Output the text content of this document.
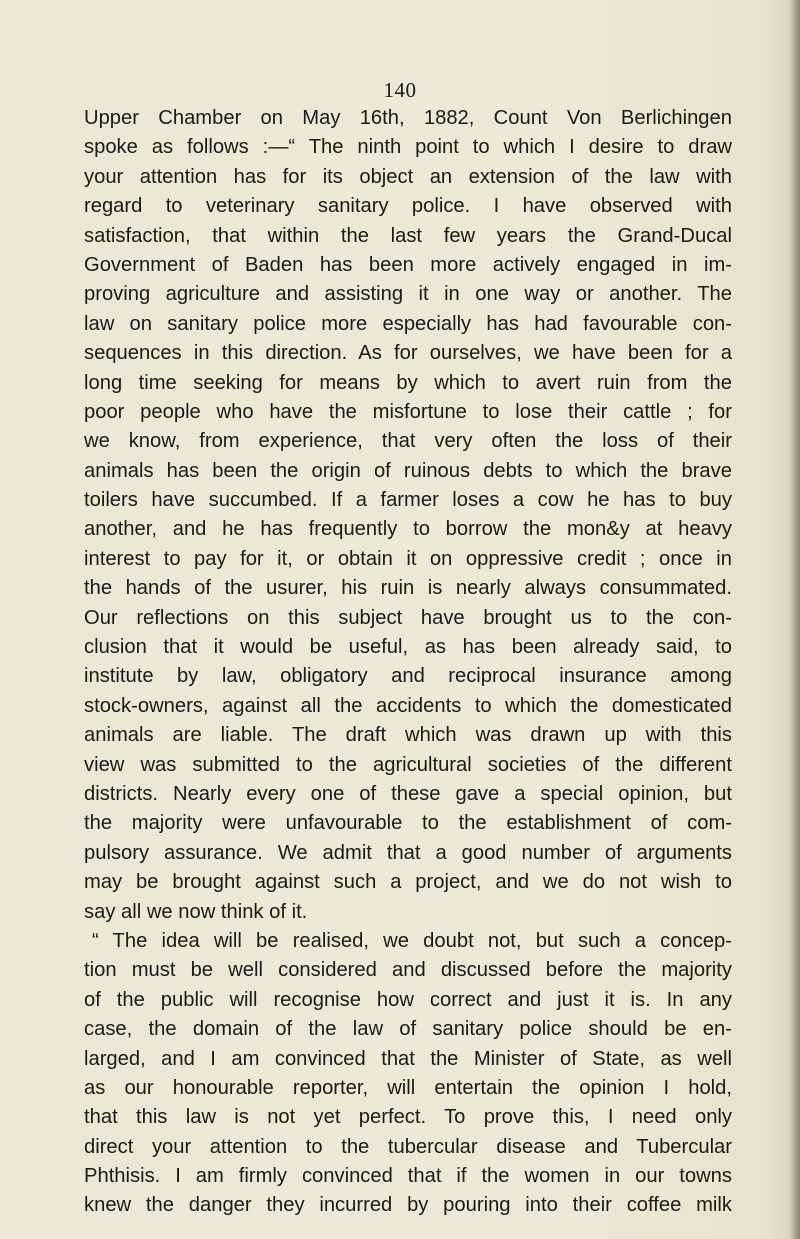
140
Upper Chamber on May 16th, 1882, Count Von Berlichingen
spoke as follows :—“ The ninth point to which I desire to draw
your attention has for its object an extension of the law with
regard to veterinary sanitary police. I have observed with
satisfaction, that within the last few years the Grand-Ducal
Government of Baden has been more actively engaged in im-
proving agriculture and assisting it in one way or another. The
law on sanitary police more especially has had favourable con-
sequences in this direction. As for ourselves, we have been for a
long time seeking for means by which to avert ruin from the
poor people who have the misfortune to lose their cattle ; for
we know, from experience, that very often the loss of their
animals has been the origin of ruinous debts to which the brave
toilers have succumbed. If a farmer loses a cow he has to buy
another, and he has frequently to borrow the mon&y at heavy
interest to pay for it, or obtain it on oppressive credit ; once in
the hands of the usurer, his ruin is nearly always consummated.
Our reflections on this subject have brought us to the con-
clusion that it would be useful, as has been already said, to
institute by law, obligatory and reciprocal insurance among
stock-owners, against all the accidents to which the domesticated
animals are liable. The draft which was drawn up with this
view was submitted to the agricultural societies of the different
districts. Nearly every one of these gave a special opinion, but
the majority were unfavourable to the establishment of com-
pulsory assurance. We admit that a good number of arguments
may be brought against such a project, and we do not wish to
say all we now think of it.
“ The idea will be realised, we doubt not, but such a concep-
tion must be well considered and discussed before the majority
of the public will recognise how correct and just it is. In any
case, the domain of the law of sanitary police should be en-
larged, and I am convinced that the Minister of State, as well
as our honourable reporter, will entertain the opinion I hold,
that this law is not yet perfect. To prove this, I need only
direct your attention to the tubercular disease and Tubercular
Phthisis. I am firmly convinced that if the women in our towns
knew the danger they incurred by pouring into their coffee milk
